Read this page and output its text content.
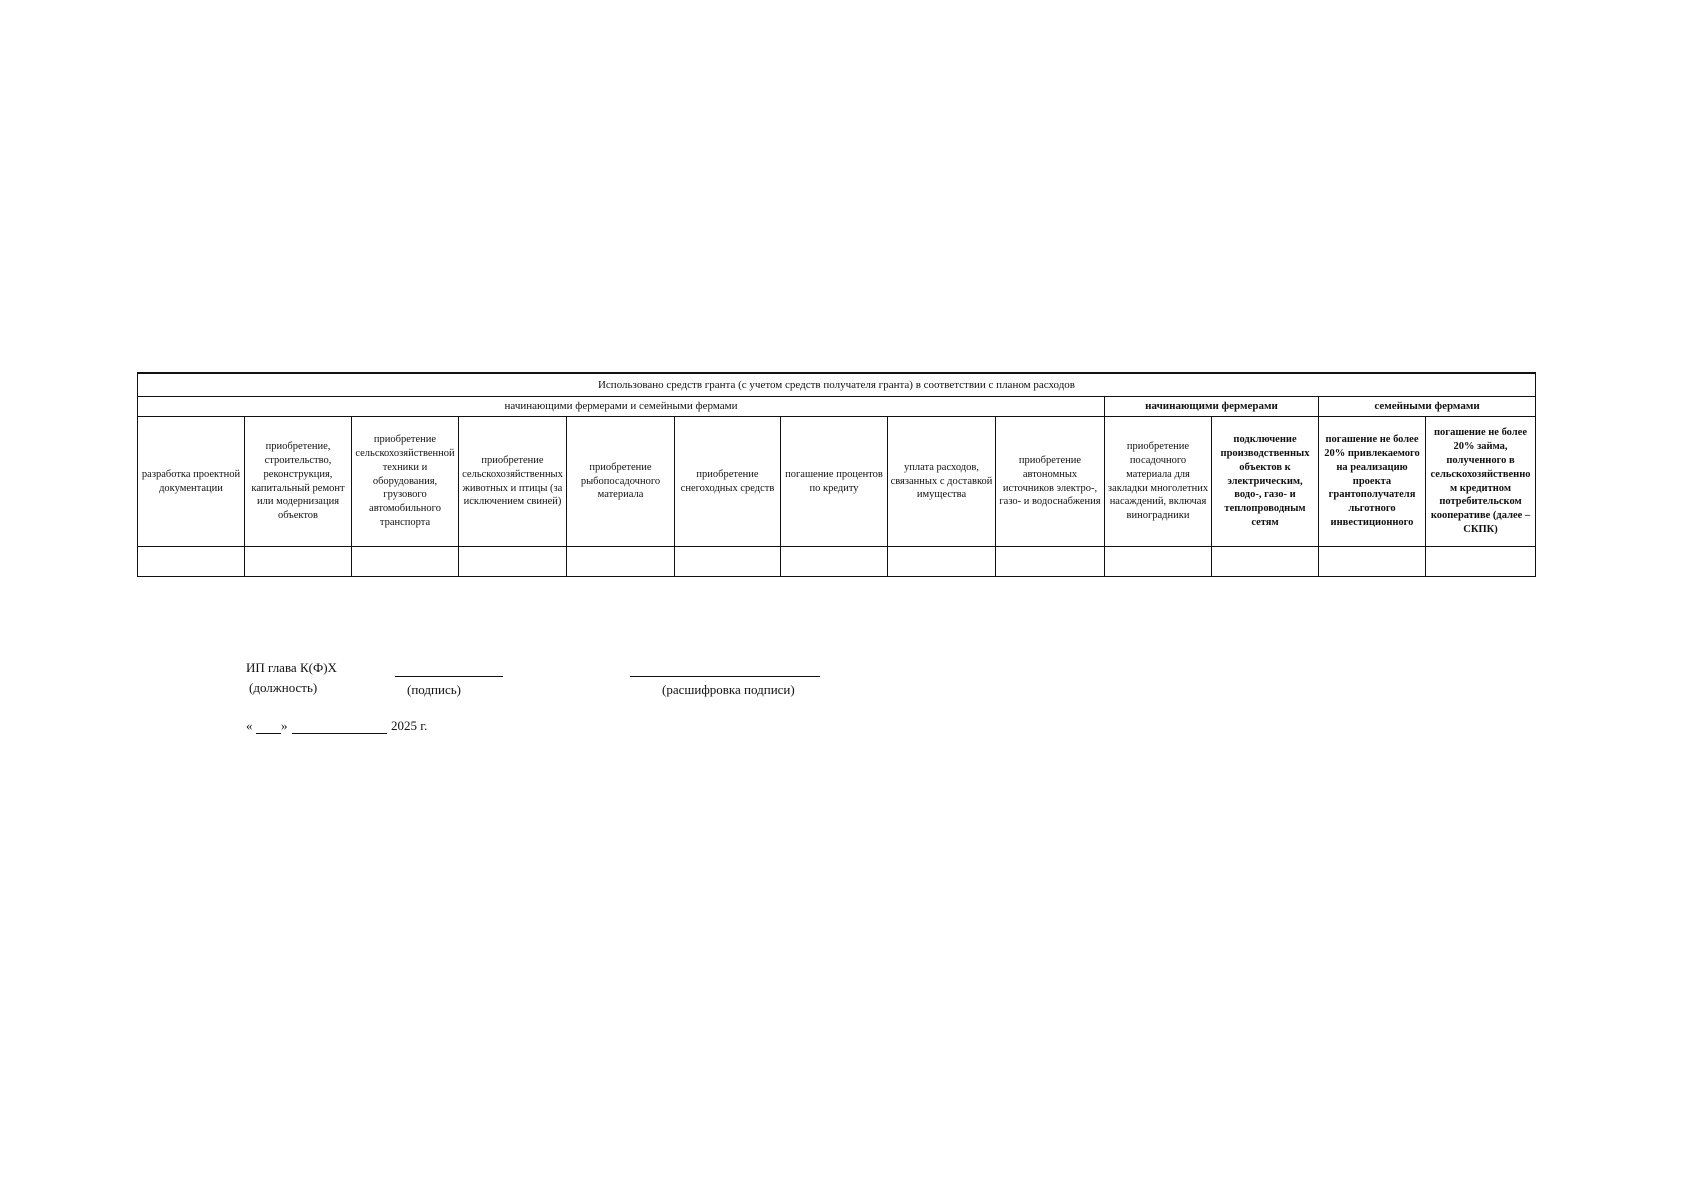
Использовано средств гранта (с учетом средств получателя гранта) в соответствии с планом расходов												
начинающими фермерами и семейными фермами									начинающими фермерами		семейными фермами	
разработка проектной документации	приобретение, строительство, реконструкция, капитальный ремонт или модернизация объектов	приобретение сельскохозяйственной техники и оборудования, грузового автомобильного транспорта	приобретение сельскохозяйственных животных и птицы (за исключением свиней)	приобретение рыбопосадочного материала	приобретение снегоходных средств	погашение процентов по кредиту	уплата расходов, связанных с доставкой имущества	приобретение автономных источников электро-, газо- и водоснабжения	приобретение посадочного материала для закладки многолетних насаждений, включая виноградники	подключение производственных объектов к электрическим, водо-, газо- и теплопроводным сетям	погашение не более 20% привлекаемого на реализацию проекта грантополучателя льготного инвестиционного	погашение не более 20% займа, полученного в сельскохозяйственном кредитном потребительском кооперативе (далее – СКПК)

ИП глава К(Ф)Х
(должность)	(подпись)	(расшифровка подписи)
« »	2025 г.
